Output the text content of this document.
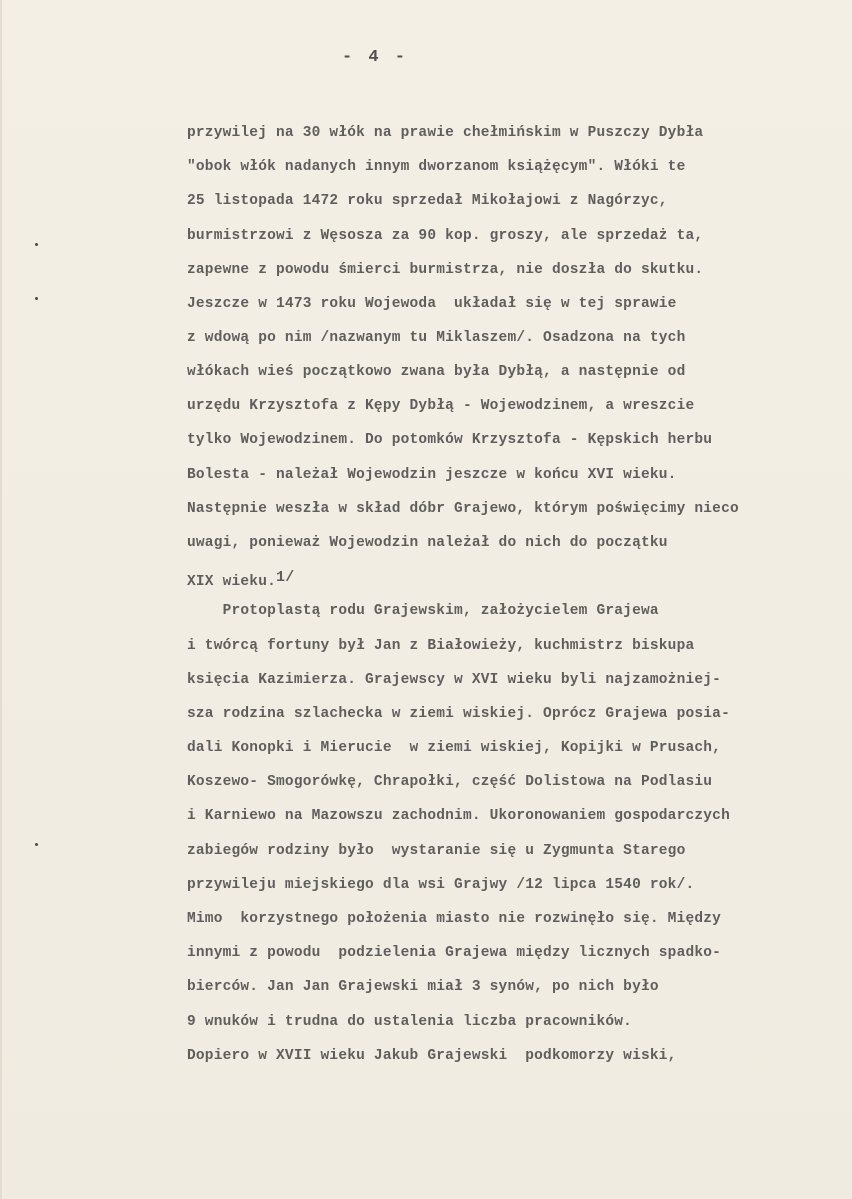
- 4 -
przywilej na 30 włók na prawie chełmińskim w Puszczy Dybła
"obok włók nadanych innym dworzanom książęcym". Włóki te
25 listopada 1472 roku sprzedał Mikołajowi z Nagórzyc,
burmistrzowi z Węsosza za 90 kop. groszy, ale sprzedaż ta,
zapewne z powodu śmierci burmistrza, nie doszła do skutku.
Jeszcze w 1473 roku Wojewoda  układał się w tej sprawie
z wdową po nim /nazwanym tu Miklaszem/. Osadzona na tych
włókach wieś początkowo zwana była Dybłą, a następnie od
urzędu Krzysztofa z Kępy Dybłą - Wojewodzinem, a wreszcie
tylko Wojewodzinem. Do potomków Krzysztofa - Kępskich herbu
Bolesta - należał Wojewodzin jeszcze w końcu XVI wieku.
Następnie weszła w skład dóbr Grajewo, którym poświęcimy nieco
uwagi, ponieważ Wojewodzin należał do nich do początku
XIX wieku.1/
Protoplastą rodu Grajewskim, założycielem Grajewa
i twórcą fortuny był Jan z Białowieży, kuchmistrz biskupa
księcia Kazimierza. Grajewscy w XVI wieku byli najzamożniej-
sza rodzina szlachecka w ziemi wiskiej. Oprócz Grajewa posia-
dali Konopki i Mierucie  w ziemi wiskiej, Kopijki w Prusach,
Koszewo- Smogorówkę, Chrapołki, część Dolistowa na Podlasiu
i Karniewo na Mazowszu zachodnim. Ukoronowaniem gospodarczych
zabiegów rodziny było  wystaranie się u Zygmunta Starego
przywileju miejskiego dla wsi Grajwy /12 lipca 1540 rok/.
Mimo  korzystnego położenia miasto nie rozwinęło się. Między
innymi z powodu  podzielenia Grajewa między licznych spadko-
bierców. Jan Jan Grajewski miał 3 synów, po nich było
9 wnuków i trudna do ustalenia liczba pracowników.
Dopiero w XVII wieku Jakub Grajewski  podkomorzy wiski,
